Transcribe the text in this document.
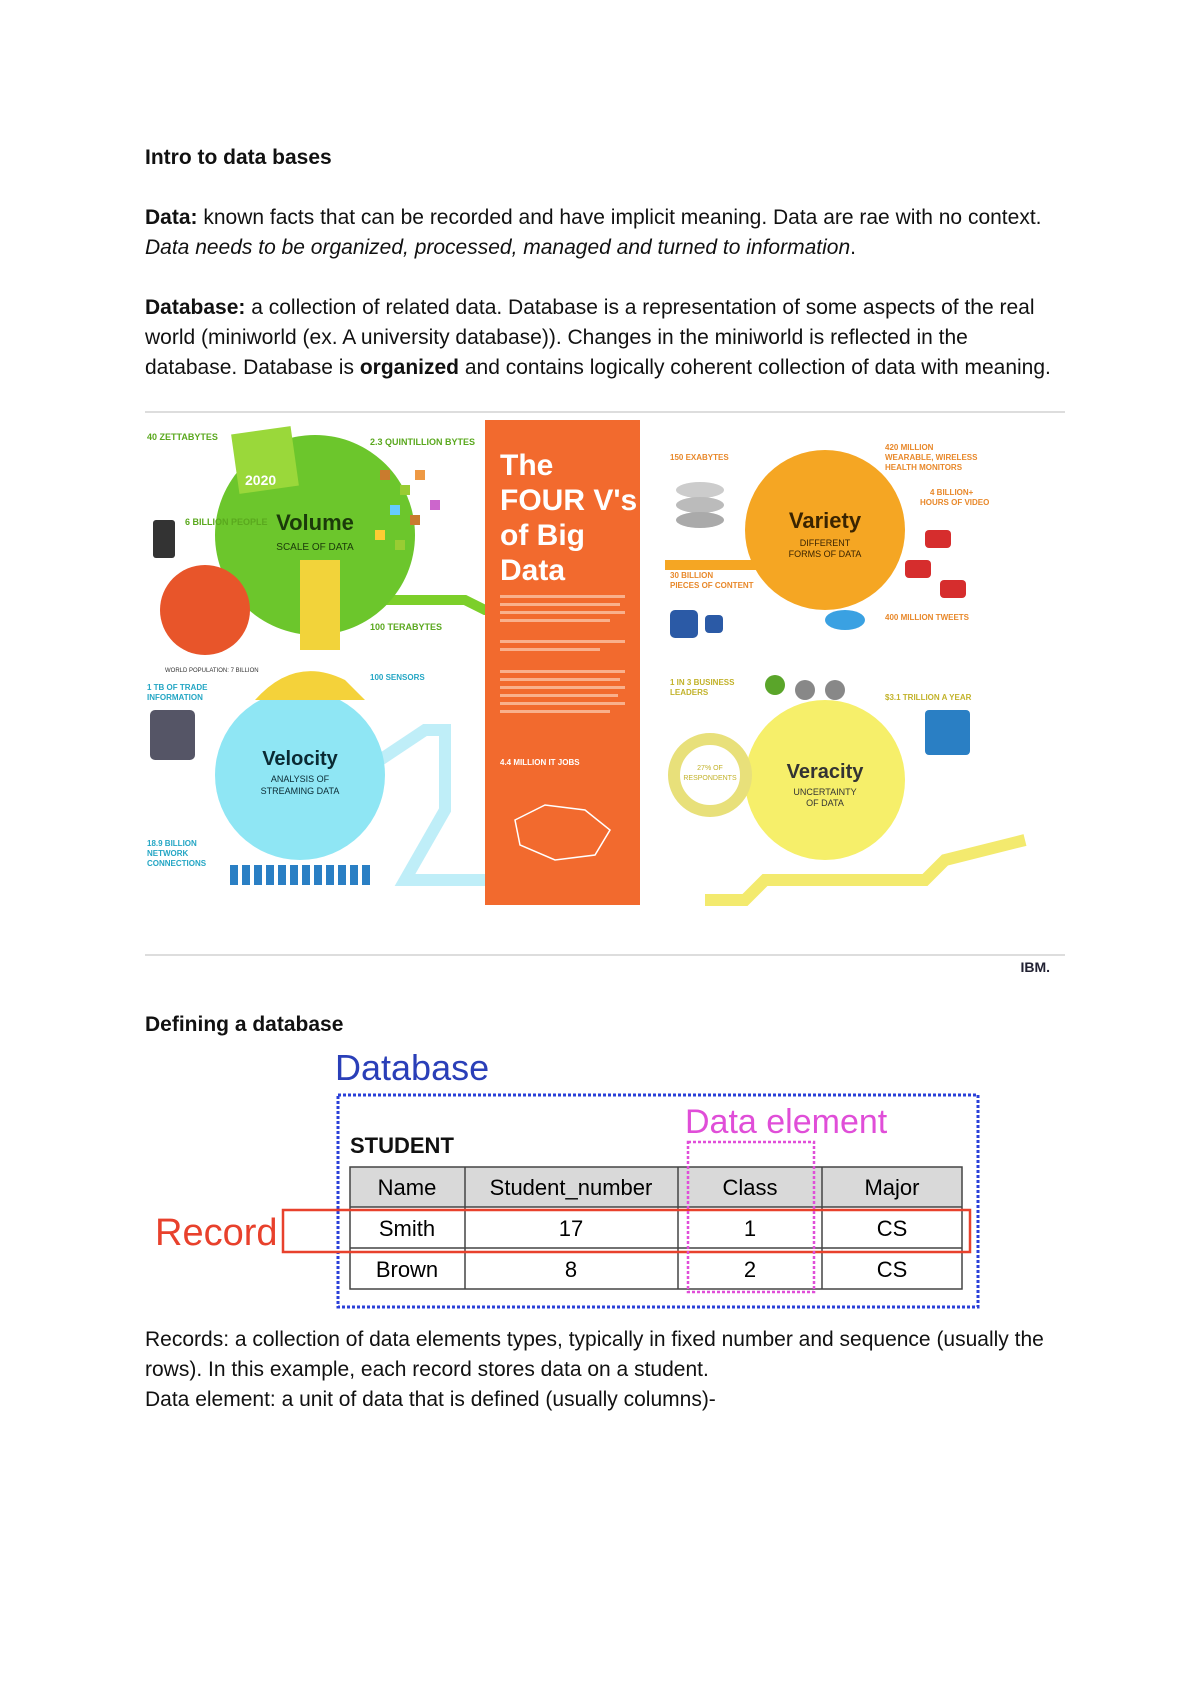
Intro to data bases
Data: known facts that can be recorded and have implicit meaning. Data are rae with no context. Data needs to be organized, processed, managed and turned to information.
Database: a collection of related data. Database is a representation of some aspects of the real world (miniworld (ex. A university database)). Changes in the miniworld is reflected in the database. Database is organized and contains logically coherent collection of data with meaning.
2020
Volume
SCALE OF DATA
40 ZETTABYTES	2.3 QUINTILLION BYTES
6 BILLION PEOPLE
100 TERABYTES
WORLD POPULATION: 7 BILLION
The
FOUR V's
of Big
Data
4.4 MILLION IT JOBS
Variety
DIFFERENT
FORMS OF DATA
150 EXABYTES
420 MILLION
WEARABLE, WIRELESS
HEALTH MONITORS
4 BILLION+
HOURS OF VIDEO
30 BILLION
PIECES OF CONTENT
400 MILLION TWEETS
Velocity
ANALYSIS OF
STREAMING DATA
1 TB OF TRADE
INFORMATION
100 SENSORS
18.9 BILLION
NETWORK
CONNECTIONS
Veracity
UNCERTAINTY
OF DATA
1 IN 3 BUSINESS
LEADERS
$3.1 TRILLION A YEAR
27% OF
RESPONDENTS
IBM.
Defining a database
Database
STUDENT
Data element
Name Student_number	Class	Major
Smith	17	1	CS
Brown	8	2	CS
Record
Records: a collection of data elements types, typically in fixed number and sequence (usually the rows). In this example, each record stores data on a student.
Data element: a unit of data that is defined (usually columns)-
